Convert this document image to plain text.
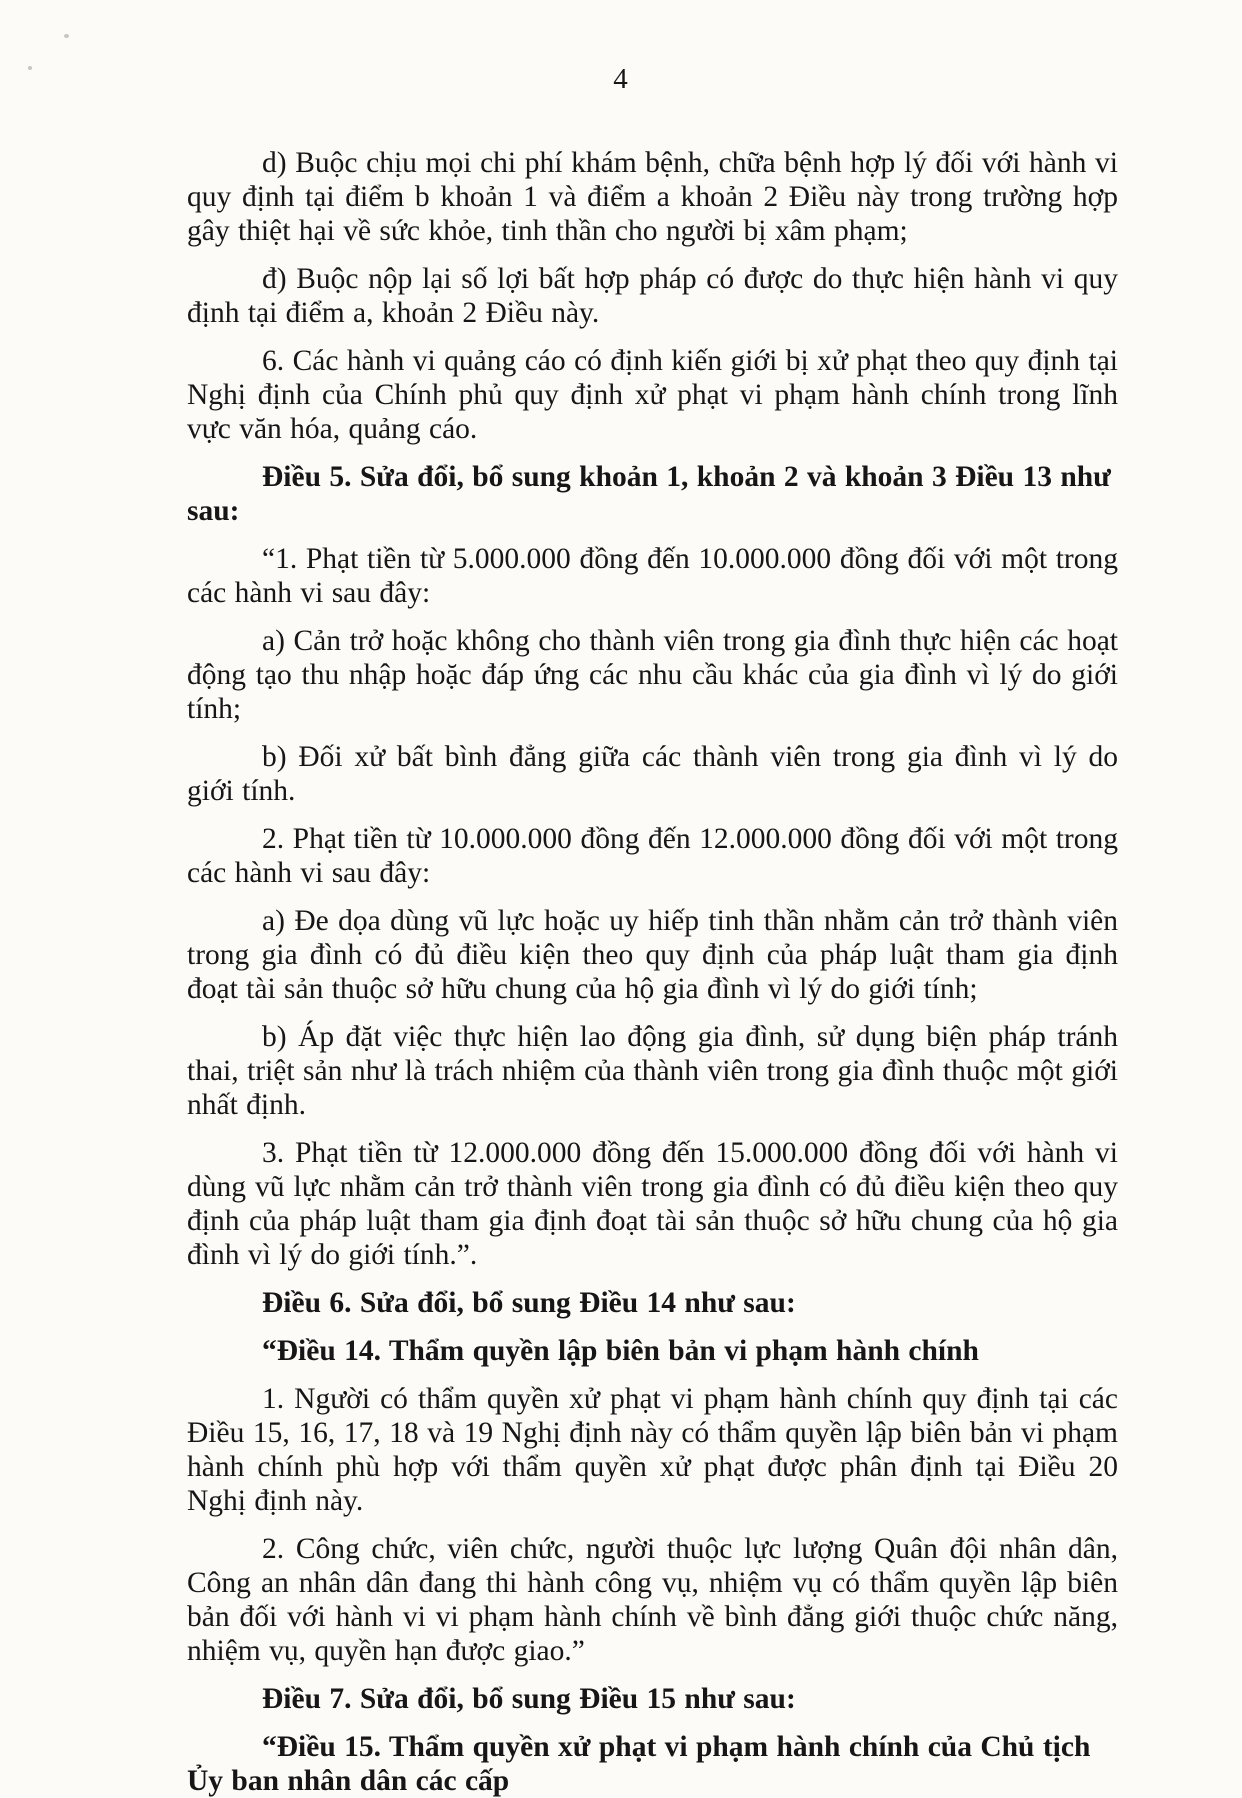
4

d) Buộc chịu mọi chi phí khám bệnh, chữa bệnh hợp lý đối với hành vi quy định tại điểm b khoản 1 và điểm a khoản 2 Điều này trong trường hợp gây thiệt hại về sức khỏe, tinh thần cho người bị xâm phạm;

đ) Buộc nộp lại số lợi bất hợp pháp có được do thực hiện hành vi quy định tại điểm a, khoản 2 Điều này.

6. Các hành vi quảng cáo có định kiến giới bị xử phạt theo quy định tại Nghị định của Chính phủ quy định xử phạt vi phạm hành chính trong lĩnh vực văn hóa, quảng cáo.

Điều 5. Sửa đổi, bổ sung khoản 1, khoản 2 và khoản 3 Điều 13 như sau:

“1. Phạt tiền từ 5.000.000 đồng đến 10.000.000 đồng đối với một trong các hành vi sau đây:

a) Cản trở hoặc không cho thành viên trong gia đình thực hiện các hoạt động tạo thu nhập hoặc đáp ứng các nhu cầu khác của gia đình vì lý do giới tính;

b) Đối xử bất bình đẳng giữa các thành viên trong gia đình vì lý do giới tính.

2. Phạt tiền từ 10.000.000 đồng đến 12.000.000 đồng đối với một trong các hành vi sau đây:

a) Đe dọa dùng vũ lực hoặc uy hiếp tinh thần nhằm cản trở thành viên trong gia đình có đủ điều kiện theo quy định của pháp luật tham gia định đoạt tài sản thuộc sở hữu chung của hộ gia đình vì lý do giới tính;

b) Áp đặt việc thực hiện lao động gia đình, sử dụng biện pháp tránh thai, triệt sản như là trách nhiệm của thành viên trong gia đình thuộc một giới nhất định.

3. Phạt tiền từ 12.000.000 đồng đến 15.000.000 đồng đối với hành vi dùng vũ lực nhằm cản trở thành viên trong gia đình có đủ điều kiện theo quy định của pháp luật tham gia định đoạt tài sản thuộc sở hữu chung của hộ gia đình vì lý do giới tính.”.

Điều 6. Sửa đổi, bổ sung Điều 14 như sau:

“Điều 14. Thẩm quyền lập biên bản vi phạm hành chính

1. Người có thẩm quyền xử phạt vi phạm hành chính quy định tại các Điều 15, 16, 17, 18 và 19 Nghị định này có thẩm quyền lập biên bản vi phạm hành chính phù hợp với thẩm quyền xử phạt được phân định tại Điều 20 Nghị định này.

2. Công chức, viên chức, người thuộc lực lượng Quân đội nhân dân, Công an nhân dân đang thi hành công vụ, nhiệm vụ có thẩm quyền lập biên bản đối với hành vi vi phạm hành chính về bình đẳng giới thuộc chức năng, nhiệm vụ, quyền hạn được giao.”

Điều 7. Sửa đổi, bổ sung Điều 15 như sau:

“Điều 15. Thẩm quyền xử phạt vi phạm hành chính của Chủ tịch Ủy ban nhân dân các cấp
